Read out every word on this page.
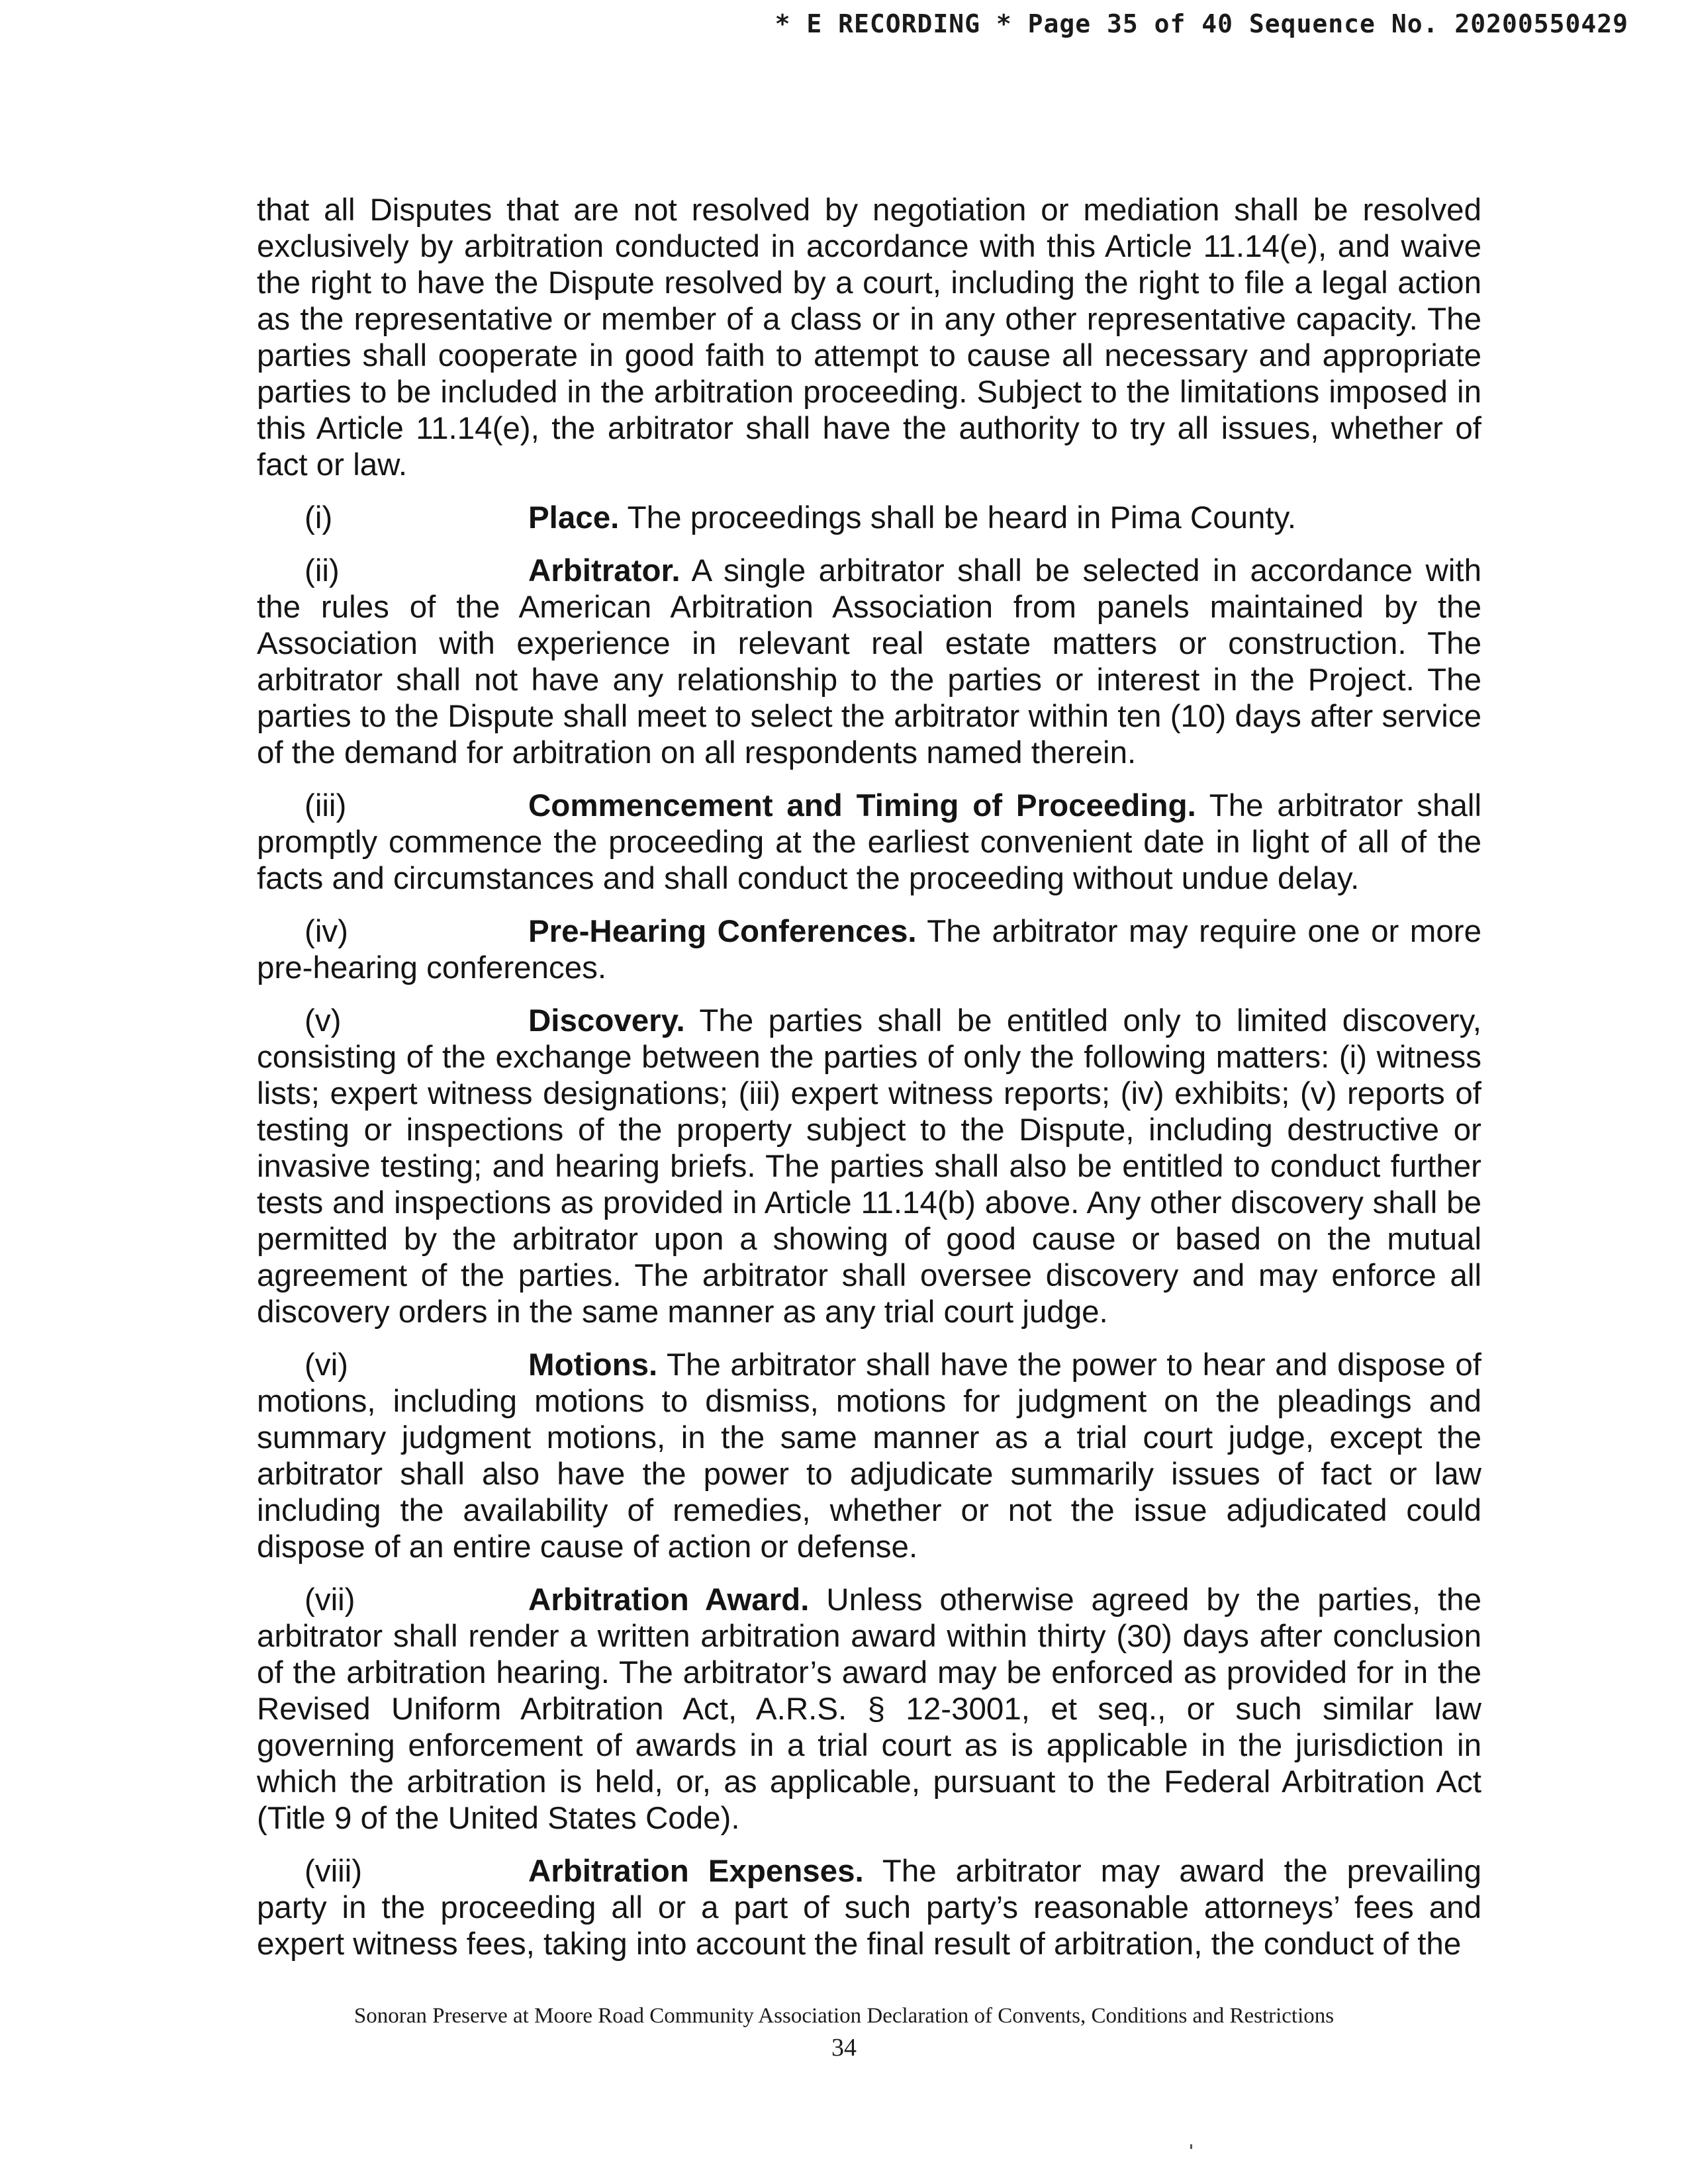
* E RECORDING * Page 35 of 40 Sequence No. 20200550429

that all Disputes that are not resolved by negotiation or mediation shall be resolved exclusively by arbitration conducted in accordance with this Article 11.14(e), and waive the right to have the Dispute resolved by a court, including the right to file a legal action as the representative or member of a class or in any other representative capacity. The parties shall cooperate in good faith to attempt to cause all necessary and appropriate parties to be included in the arbitration proceeding. Subject to the limitations imposed in this Article 11.14(e), the arbitrator shall have the authority to try all issues, whether of fact or law.

(i)	Place. The proceedings shall be heard in Pima County.

(ii)	Arbitrator. A single arbitrator shall be selected in accordance with the rules of the American Arbitration Association from panels maintained by the Association with experience in relevant real estate matters or construction. The arbitrator shall not have any relationship to the parties or interest in the Project. The parties to the Dispute shall meet to select the arbitrator within ten (10) days after service of the demand for arbitration on all respondents named therein.

(iii)	Commencement and Timing of Proceeding. The arbitrator shall promptly commence the proceeding at the earliest convenient date in light of all of the facts and circumstances and shall conduct the proceeding without undue delay.

(iv)	Pre-Hearing Conferences. The arbitrator may require one or more pre-hearing conferences.

(v)	Discovery. The parties shall be entitled only to limited discovery, consisting of the exchange between the parties of only the following matters: (i) witness lists; expert witness designations; (iii) expert witness reports; (iv) exhibits; (v) reports of testing or inspections of the property subject to the Dispute, including destructive or invasive testing; and hearing briefs. The parties shall also be entitled to conduct further tests and inspections as provided in Article 11.14(b) above. Any other discovery shall be permitted by the arbitrator upon a showing of good cause or based on the mutual agreement of the parties. The arbitrator shall oversee discovery and may enforce all discovery orders in the same manner as any trial court judge.

(vi)	Motions. The arbitrator shall have the power to hear and dispose of motions, including motions to dismiss, motions for judgment on the pleadings and summary judgment motions, in the same manner as a trial court judge, except the arbitrator shall also have the power to adjudicate summarily issues of fact or law including the availability of remedies, whether or not the issue adjudicated could dispose of an entire cause of action or defense.

(vii)	Arbitration Award. Unless otherwise agreed by the parties, the arbitrator shall render a written arbitration award within thirty (30) days after conclusion of the arbitration hearing. The arbitrator’s award may be enforced as provided for in the Revised Uniform Arbitration Act, A.R.S. § 12-3001, et seq., or such similar law governing enforcement of awards in a trial court as is applicable in the jurisdiction in which the arbitration is held, or, as applicable, pursuant to the Federal Arbitration Act (Title 9 of the United States Code).

(viii)	Arbitration Expenses. The arbitrator may award the prevailing party in the proceeding all or a part of such party’s reasonable attorneys’ fees and expert witness fees, taking into account the final result of arbitration, the conduct of the

Sonoran Preserve at Moore Road Community Association Declaration of Convents, Conditions and Restrictions
34
